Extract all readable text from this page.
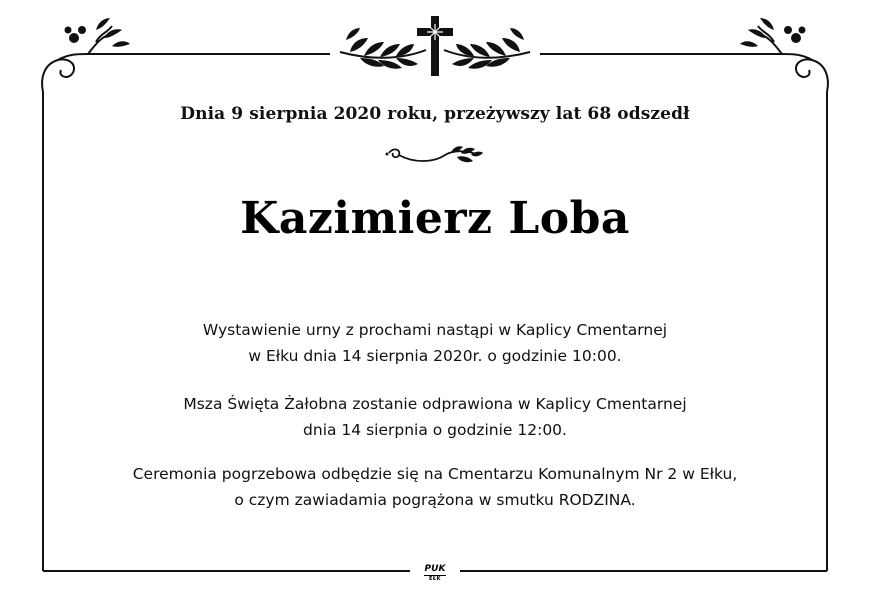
Dnia 9 sierpnia 2020 roku, przeżywszy lat 68 odszedł
Kazimierz Loba
Wystawienie urny z prochami nastąpi w Kaplicy Cmentarnej
w Ełku dnia 14 sierpnia 2020r. o godzinie 10:00.
Msza Święta Żałobna zostanie odprawiona w Kaplicy Cmentarnej
dnia 14 sierpnia o godzinie 12:00.
Ceremonia pogrzebowa odbędzie się na Cmentarzu Komunalnym Nr 2 w Ełku,
o czym zawiadamia pogrążona w smutku RODZINA.
PUK
EŁK
